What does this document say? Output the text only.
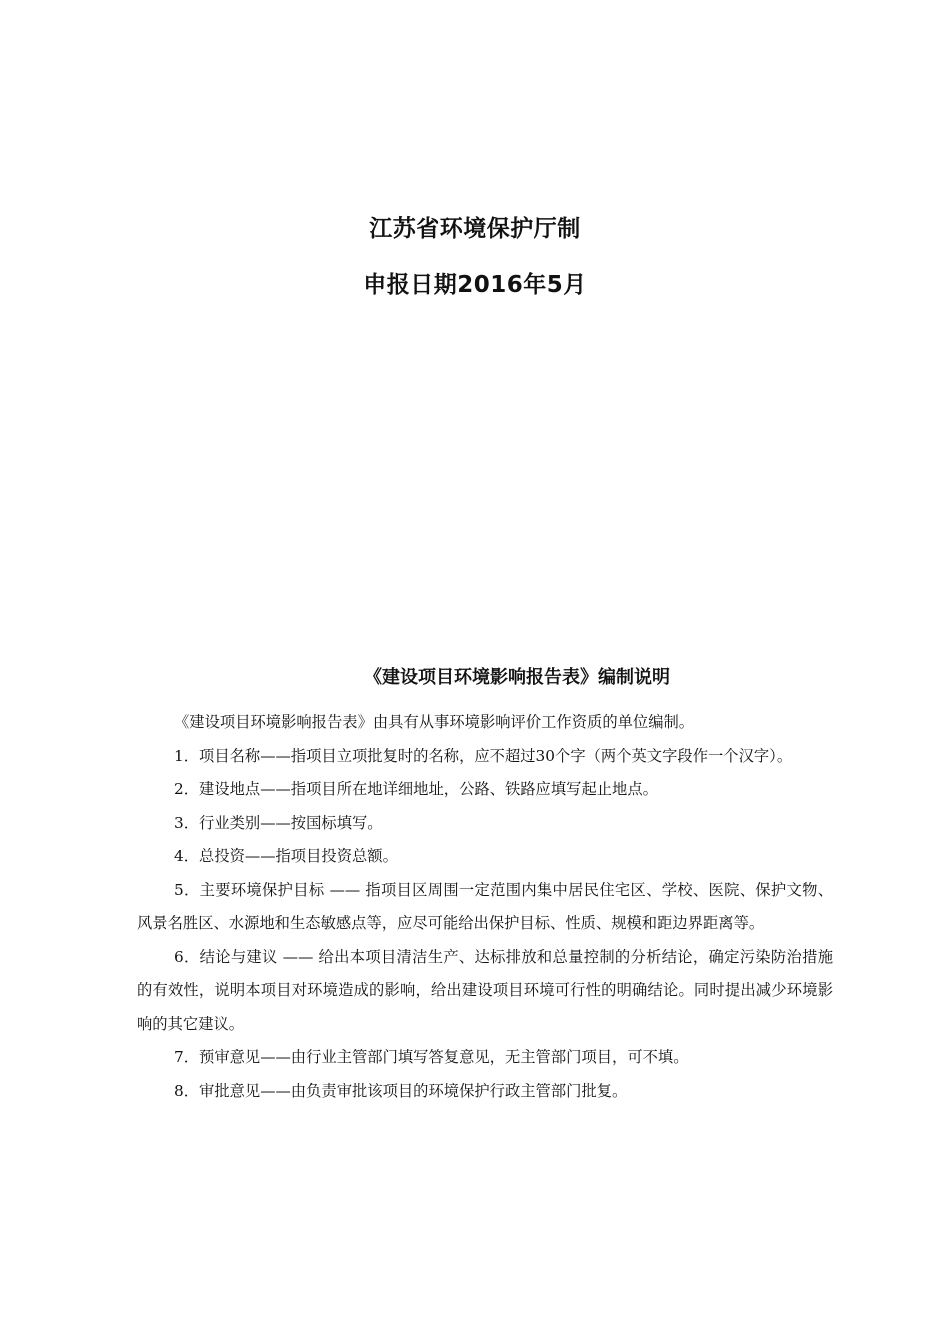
江苏省环境保护厅制
申报日期2016年5月
《建设项目环境影响报告表》编制说明

《建设项目环境影响报告表》由具有从事环境影响评价工作资质的单位编制。

1．项目名称——指项目立项批复时的名称，应不超过30个字（两个英文字段作一个汉字）。

2．建设地点——指项目所在地详细地址，公路、铁路应填写起止地点。

3．行业类别——按国标填写。

4．总投资——指项目投资总额。

5．主要环境保护目标 —— 指项目区周围一定范围内集中居民住宅区、学校、医院、保护文物、风景名胜区、水源地和生态敏感点等，应尽可能给出保护目标、性质、规模和距边界距离等。

6．结论与建议 —— 给出本项目清洁生产、达标排放和总量控制的分析结论，确定污染防治措施的有效性，说明本项目对环境造成的影响，给出建设项目环境可行性的明确结论。同时提出减少环境影响的其它建议。

7．预审意见——由行业主管部门填写答复意见，无主管部门项目，可不填。

8．审批意见——由负责审批该项目的环境保护行政主管部门批复。
